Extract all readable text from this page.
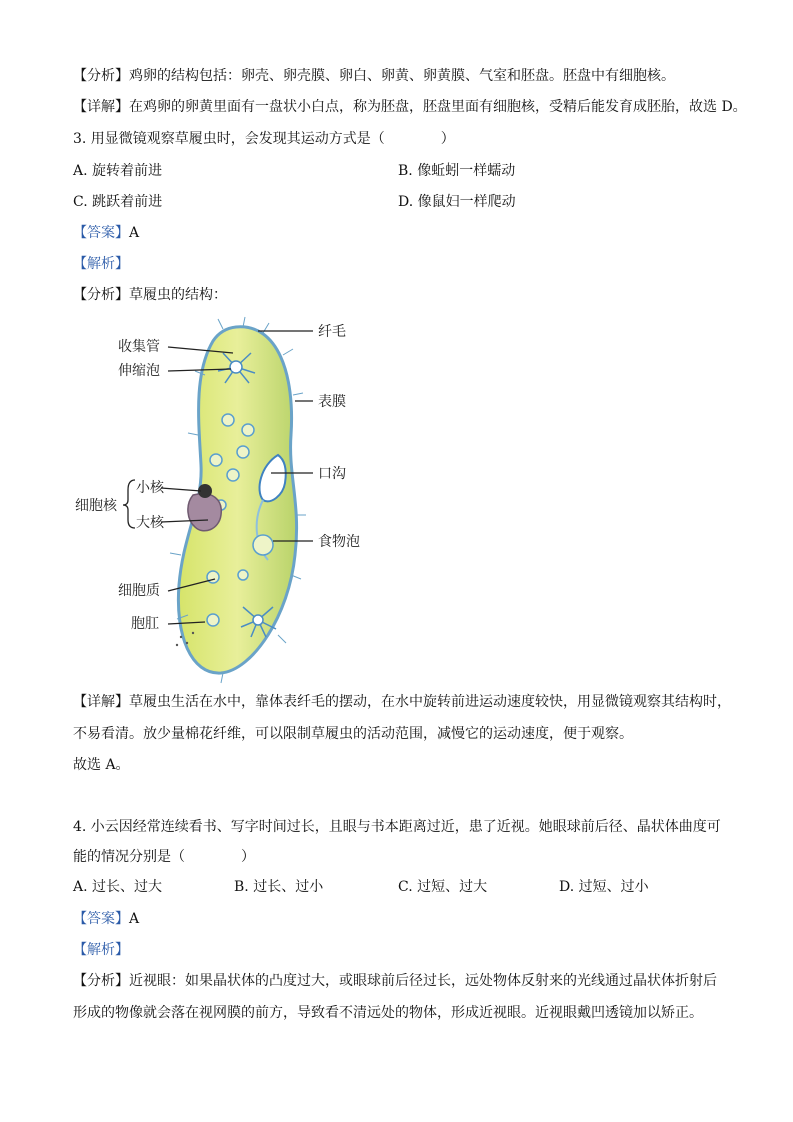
【分析】鸡卵的结构包括：卵壳、卵壳膜、卵白、卵黄、卵黄膜、气室和胚盘。胚盘中有细胞核。
【详解】在鸡卵的卵黄里面有一盘状小白点，称为胚盘，胚盘里面有细胞核，受精后能发育成胚胎，故选 D。
3. 用显微镜观察草履虫时，会发现其运动方式是（　　　　）
A. 旋转着前进	B. 像蚯蚓一样蠕动
C. 跳跃着前进	D. 像鼠妇一样爬动
【答案】A
【解析】
【分析】草履虫的结构：
纤毛
收集管
伸缩泡
表膜
口沟
细胞核
小核
大核
食物泡
细胞质
胞肛
【详解】草履虫生活在水中，靠体表纤毛的摆动，在水中旋转前进运动速度较快，用显微镜观察其结构时，
不易看清。放少量棉花纤维，可以限制草履虫的活动范围，减慢它的运动速度，便于观察。
故选 A。
4. 小云因经常连续看书、写字时间过长，且眼与书本距离过近，患了近视。她眼球前后径、晶状体曲度可
能的情况分别是（　　　　）
A. 过长、过大	B. 过长、过小	C. 过短、过大	D. 过短、过小
【答案】A
【解析】
【分析】近视眼：如果晶状体的凸度过大，或眼球前后径过长，远处物体反射来的光线通过晶状体折射后
形成的物像就会落在视网膜的前方，导致看不清远处的物体，形成近视眼。近视眼戴凹透镜加以矫正。
